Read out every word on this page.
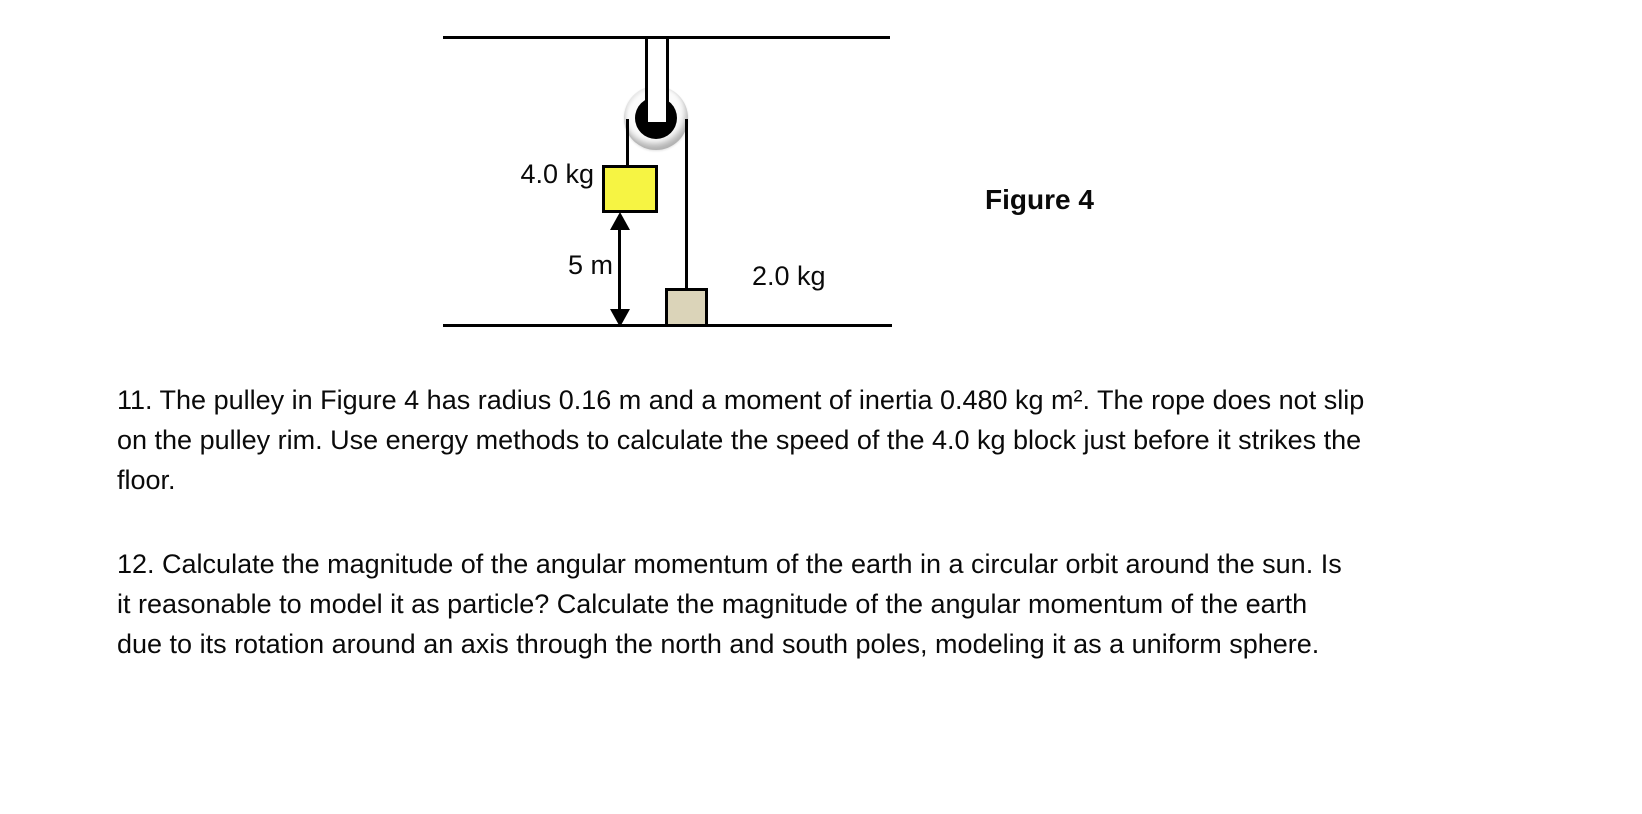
4.0 kg
5 m	2.0 kg
Figure 4
11. The pulley in Figure 4 has radius 0.16 m and a moment of inertia 0.480 kg m². The rope does not slip
on the pulley rim. Use energy methods to calculate the speed of the 4.0 kg block just before it strikes the
floor.
12. Calculate the magnitude of the angular momentum of the earth in a circular orbit around the sun. Is
it reasonable to model it as particle? Calculate the magnitude of the angular momentum of the earth
due to its rotation around an axis through the north and south poles, modeling it as a uniform sphere.
